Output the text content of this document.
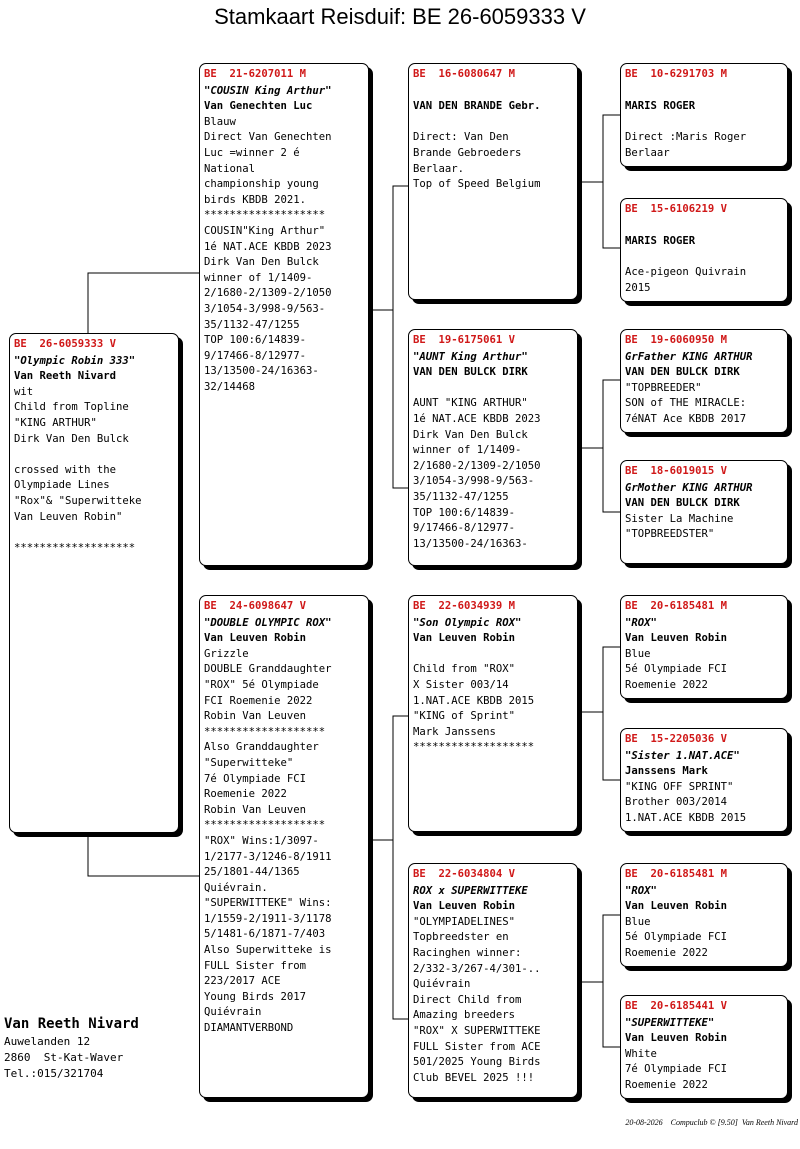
Stamkaart Reisduif: BE 26-6059333 V
BE  26-6059333 V
"Olympic Robin 333"
Van Reeth Nivard
wit
Child from Topline
"KING ARTHUR"
Dirk Van Den Bulck

crossed with the
Olympiade Lines
"Rox"& "Superwitteke
Van Leuven Robin"

*******************
BE  21-6207011 M
"COUSIN King Arthur"
Van Genechten Luc
Blauw
Direct Van Genechten
Luc =winner 2 é
National
championship young
birds KBDB 2021.
*******************
COUSIN"King Arthur"
1é NAT.ACE KBDB 2023
Dirk Van Den Bulck
winner of 1/1409-
2/1680-2/1309-2/1050
3/1054-3/998-9/563-
35/1132-47/1255
TOP 100:6/14839-
9/17466-8/12977-
13/13500-24/16363-
32/14468
BE  24-6098647 V
"DOUBLE OLYMPIC ROX"
Van Leuven Robin
Grizzle
DOUBLE Granddaughter
"ROX" 5é Olympiade
FCI Roemenie 2022
Robin Van Leuven
*******************
Also Granddaughter
"Superwitteke"
7é Olympiade FCI
Roemenie 2022
Robin Van Leuven
*******************
"ROX" Wins:1/3097-
1/2177-3/1246-8/1911
25/1801-44/1365
Quiévrain.
"SUPERWITTEKE" Wins:
1/1559-2/1911-3/1178
5/1481-6/1871-7/403
Also Superwitteke is
FULL Sister from
223/2017 ACE
Young Birds 2017
Quiévrain
DIAMANTVERBOND
BE  16-6080647 M

VAN DEN BRANDE Gebr.

Direct: Van Den
Brande Gebroeders
Berlaar.
Top of Speed Belgium
BE  19-6175061 V
"AUNT King Arthur"
VAN DEN BULCK DIRK

AUNT "KING ARTHUR"
1é NAT.ACE KBDB 2023
Dirk Van Den Bulck
winner of 1/1409-
2/1680-2/1309-2/1050
3/1054-3/998-9/563-
35/1132-47/1255
TOP 100:6/14839-
9/17466-8/12977-
13/13500-24/16363-
BE  22-6034939 M
"Son Olympic ROX"
Van Leuven Robin

Child from "ROX"
X Sister 003/14
1.NAT.ACE KBDB 2015
"KING of Sprint"
Mark Janssens
*******************
BE  22-6034804 V
ROX x SUPERWITTEKE
Van Leuven Robin
"OLYMPIADELINES"
Topbreedster en
Racinghen winner:
2/332-3/267-4/301-..
Quiévrain
Direct Child from
Amazing breeders
"ROX" X SUPERWITTEKE
FULL Sister from ACE
501/2025 Young Birds
Club BEVEL 2025 !!!
BE  10-6291703 M

MARIS ROGER

Direct :Maris Roger
Berlaar
BE  15-6106219 V

MARIS ROGER

Ace-pigeon Quivrain
2015
BE  19-6060950 M
GrFather KING ARTHUR
VAN DEN BULCK DIRK
"TOPBREEDER"
SON of THE MIRACLE:
7éNAT Ace KBDB 2017
BE  18-6019015 V
GrMother KING ARTHUR
VAN DEN BULCK DIRK
Sister La Machine
"TOPBREEDSTER"
BE  20-6185481 M
"ROX"
Van Leuven Robin
Blue
5é Olympiade FCI
Roemenie 2022
BE  15-2205036 V
"Sister 1.NAT.ACE"
Janssens Mark
"KING OFF SPRINT"
Brother 003/2014
1.NAT.ACE KBDB 2015
BE  20-6185481 M
"ROX"
Van Leuven Robin
Blue
5é Olympiade FCI
Roemenie 2022
BE  20-6185441 V
"SUPERWITTEKE"
Van Leuven Robin
White
7é Olympiade FCI
Roemenie 2022
Van Reeth Nivard
Auwelanden 12
2860  St-Kat-Waver
Tel.:015/321704
20-08-2026    Compuclub © [9.50]  Van Reeth Nivard
